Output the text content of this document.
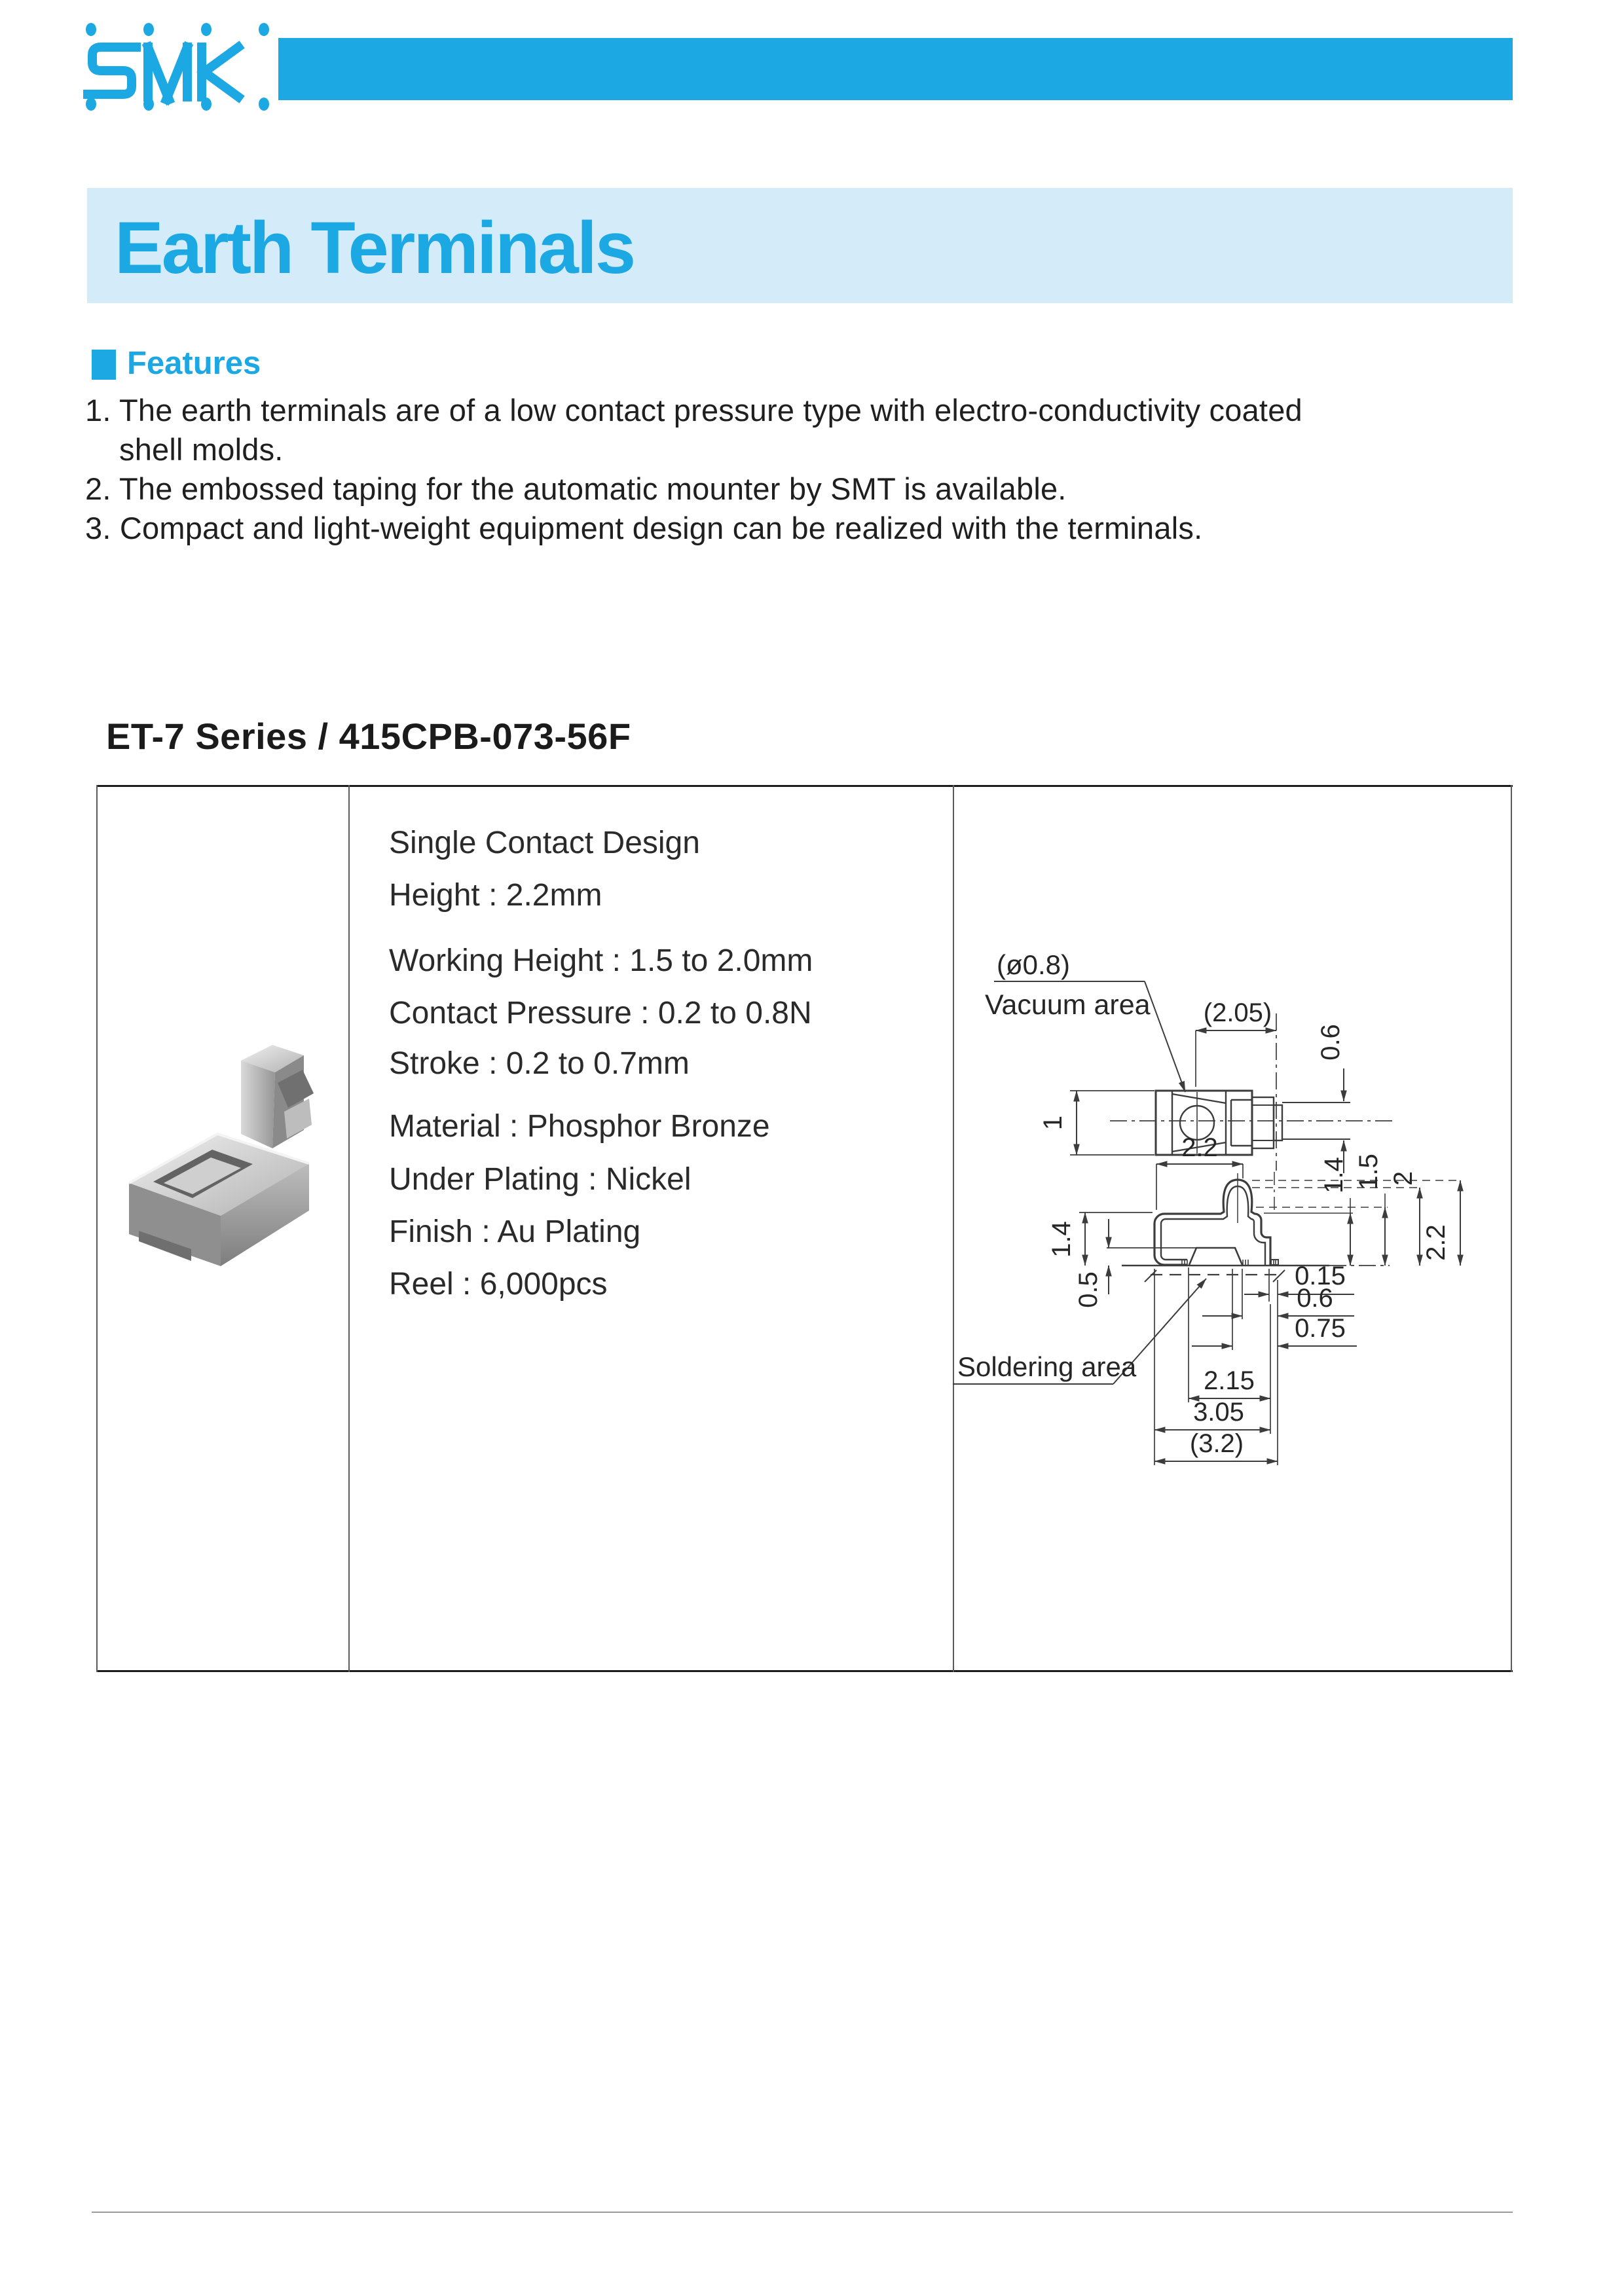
Earth Terminals
Features
1. The earth terminals are of a low contact pressure type with electro-conductivity coated
shell molds.
2. The embossed taping for the automatic mounter by SMT is available.
3. Compact and light-weight equipment design can be realized with the terminals.
ET-7 Series / 415CPB-073-56F
Single Contact Design
Height : 2.2mm
Working Height : 1.5 to 2.0mm
Contact Pressure : 0.2 to 0.8N
Stroke : 0.2 to 0.7mm
Material : Phosphor Bronze
Under Plating : Nickel
Finish : Au Plating
Reel : 6,000pcs
(ø0.8)
Vacuum area (2.05)
0.6
1
2.2
1.4
0.5
1.4 1.5 2
2.2
0.15
0.6
0.75
2.15
3.05
(3.2)
Soldering area
